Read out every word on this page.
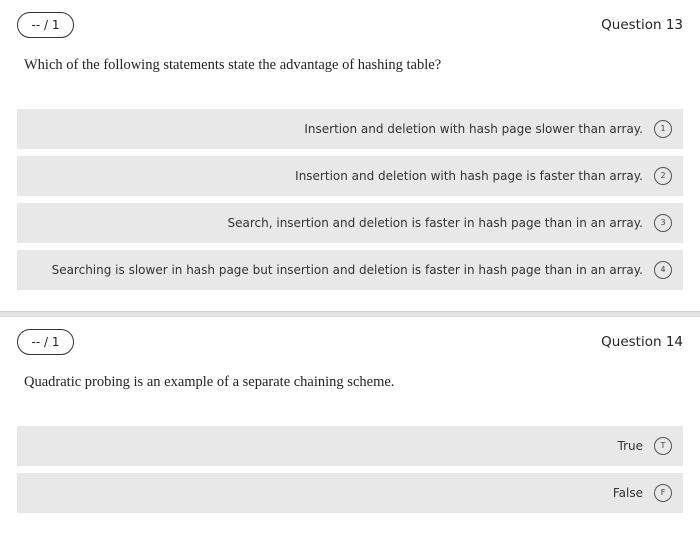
-- / 1	Question 13
Which of the following statements state the advantage of hashing table?
Insertion and deletion with hash page slower than array.	1
Insertion and deletion with hash page is faster than array.	2
Search, insertion and deletion is faster in hash page than in an array.	3
Searching is slower in hash page but insertion and deletion is faster in hash page than in an array.	4
-- / 1	Question 14
Quadratic probing is an example of a separate chaining scheme.
True	T
False	F
